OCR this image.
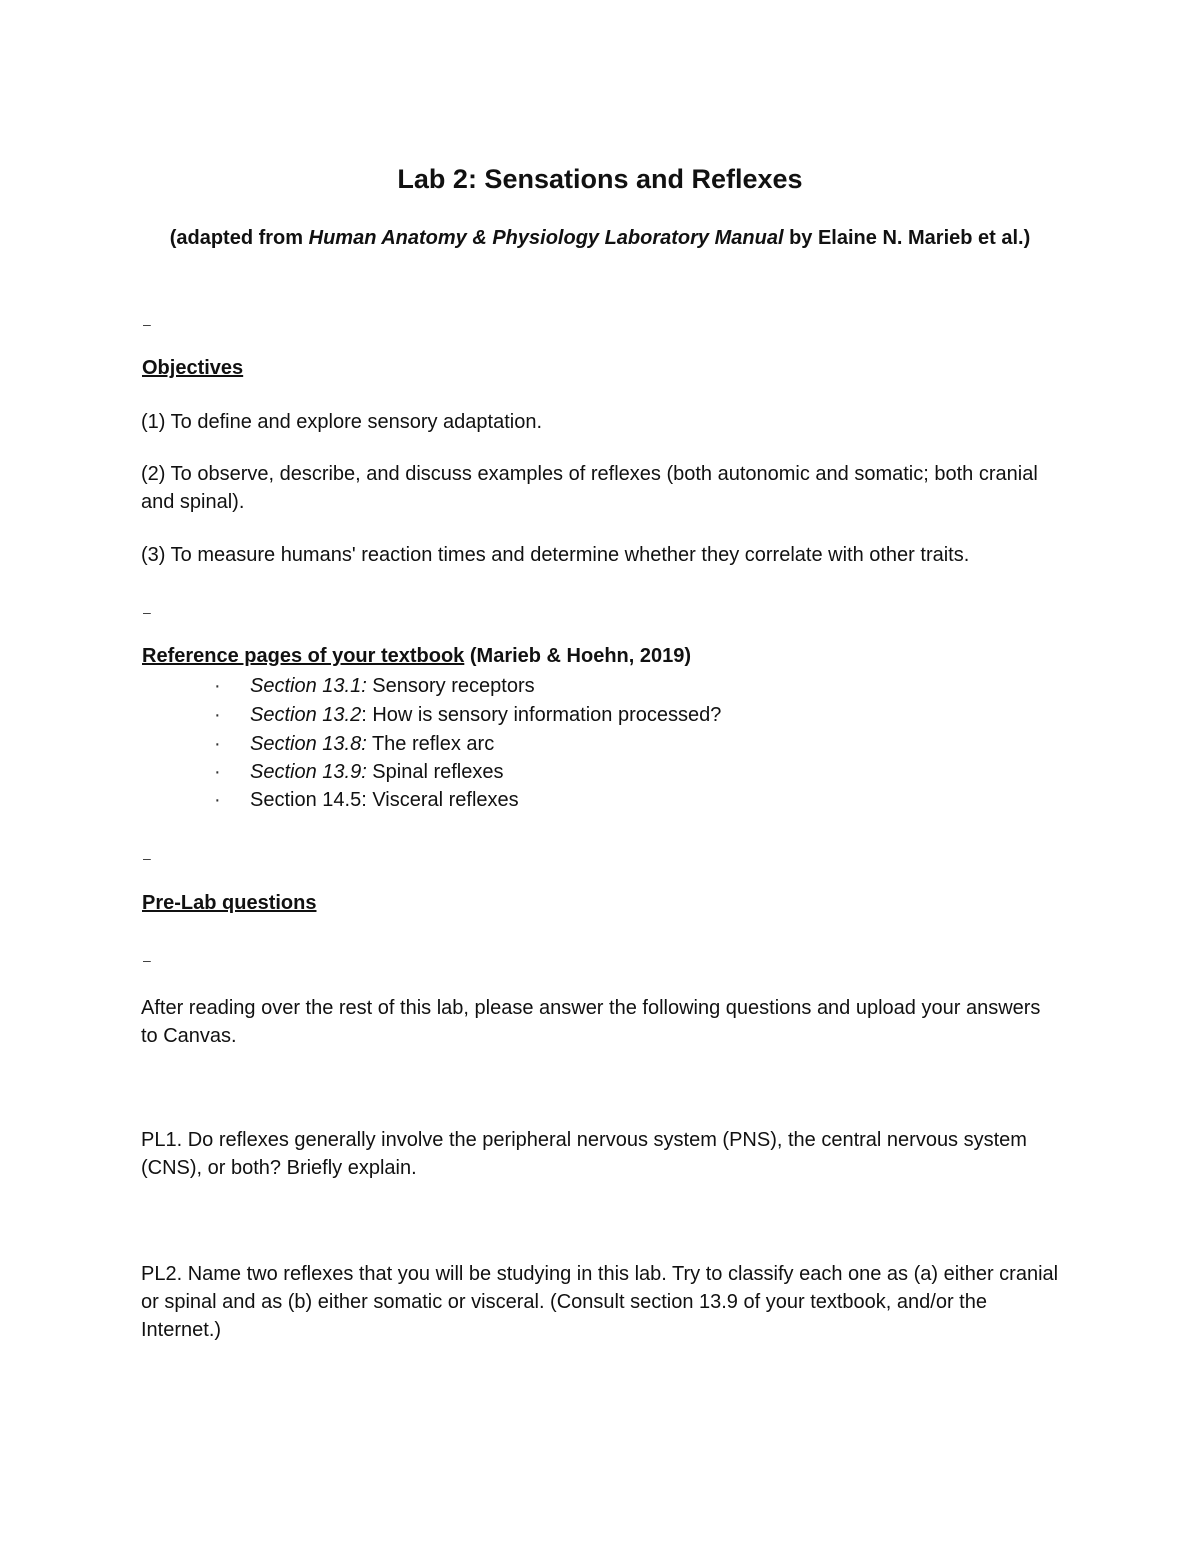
Lab 2: Sensations and Reflexes
(adapted from Human Anatomy & Physiology Laboratory Manual by Elaine N. Marieb et al.)
–
Objectives
(1) To define and explore sensory adaptation.
(2) To observe, describe, and discuss examples of reflexes (both autonomic and somatic; both cranial and spinal).
(3) To measure humans' reaction times and determine whether they correlate with other traits.
–
Reference pages of your textbook (Marieb & Hoehn, 2019)
· Section 13.1: Sensory receptors
· Section 13.2: How is sensory information processed?
· Section 13.8: The reflex arc
· Section 13.9: Spinal reflexes
· Section 14.5: Visceral reflexes
–
Pre-Lab questions
–
After reading over the rest of this lab, please answer the following questions and upload your answers to Canvas.
PL1. Do reflexes generally involve the peripheral nervous system (PNS), the central nervous system (CNS), or both? Briefly explain.
PL2. Name two reflexes that you will be studying in this lab. Try to classify each one as (a) either cranial or spinal and as (b) either somatic or visceral. (Consult section 13.9 of your textbook, and/or the Internet.)
